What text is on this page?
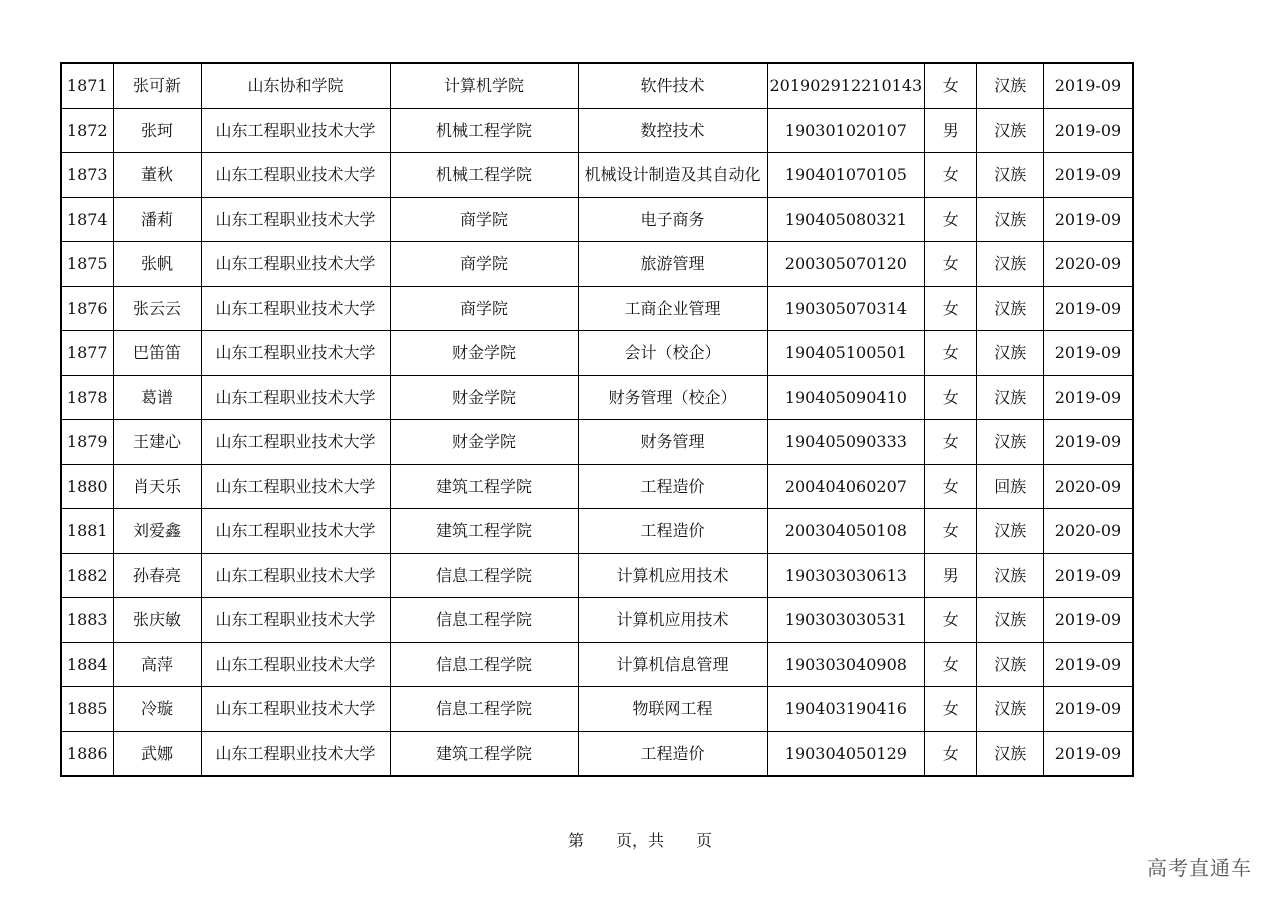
1871	张可新	山东协和学院	计算机学院	软件技术	201902912210143	女	汉族	2019-09
1872	张珂	山东工程职业技术大学	机械工程学院	数控技术	190301020107	男	汉族	2019-09
1873	董秋	山东工程职业技术大学	机械工程学院	机械设计制造及其自动化	190401070105	女	汉族	2019-09
1874	潘莉	山东工程职业技术大学	商学院	电子商务	190405080321	女	汉族	2019-09
1875	张帆	山东工程职业技术大学	商学院	旅游管理	200305070120	女	汉族	2020-09
1876	张云云	山东工程职业技术大学	商学院	工商企业管理	190305070314	女	汉族	2019-09
1877	巴笛笛	山东工程职业技术大学	财金学院	会计（校企）	190405100501	女	汉族	2019-09
1878	葛谱	山东工程职业技术大学	财金学院	财务管理（校企）	190405090410	女	汉族	2019-09
1879	王建心	山东工程职业技术大学	财金学院	财务管理	190405090333	女	汉族	2019-09
1880	肖天乐	山东工程职业技术大学	建筑工程学院	工程造价	200404060207	女	回族	2020-09
1881	刘爱鑫	山东工程职业技术大学	建筑工程学院	工程造价	200304050108	女	汉族	2020-09
1882	孙春亮	山东工程职业技术大学	信息工程学院	计算机应用技术	190303030613	男	汉族	2019-09
1883	张庆敏	山东工程职业技术大学	信息工程学院	计算机应用技术	190303030531	女	汉族	2019-09
1884	高萍	山东工程职业技术大学	信息工程学院	计算机信息管理	190303040908	女	汉族	2019-09
1885	冷璇	山东工程职业技术大学	信息工程学院	物联网工程	190403190416	女	汉族	2019-09
1886	武娜	山东工程职业技术大学	建筑工程学院	工程造价	190304050129	女	汉族	2019-09
第　　页，共　　页
高考直通车
